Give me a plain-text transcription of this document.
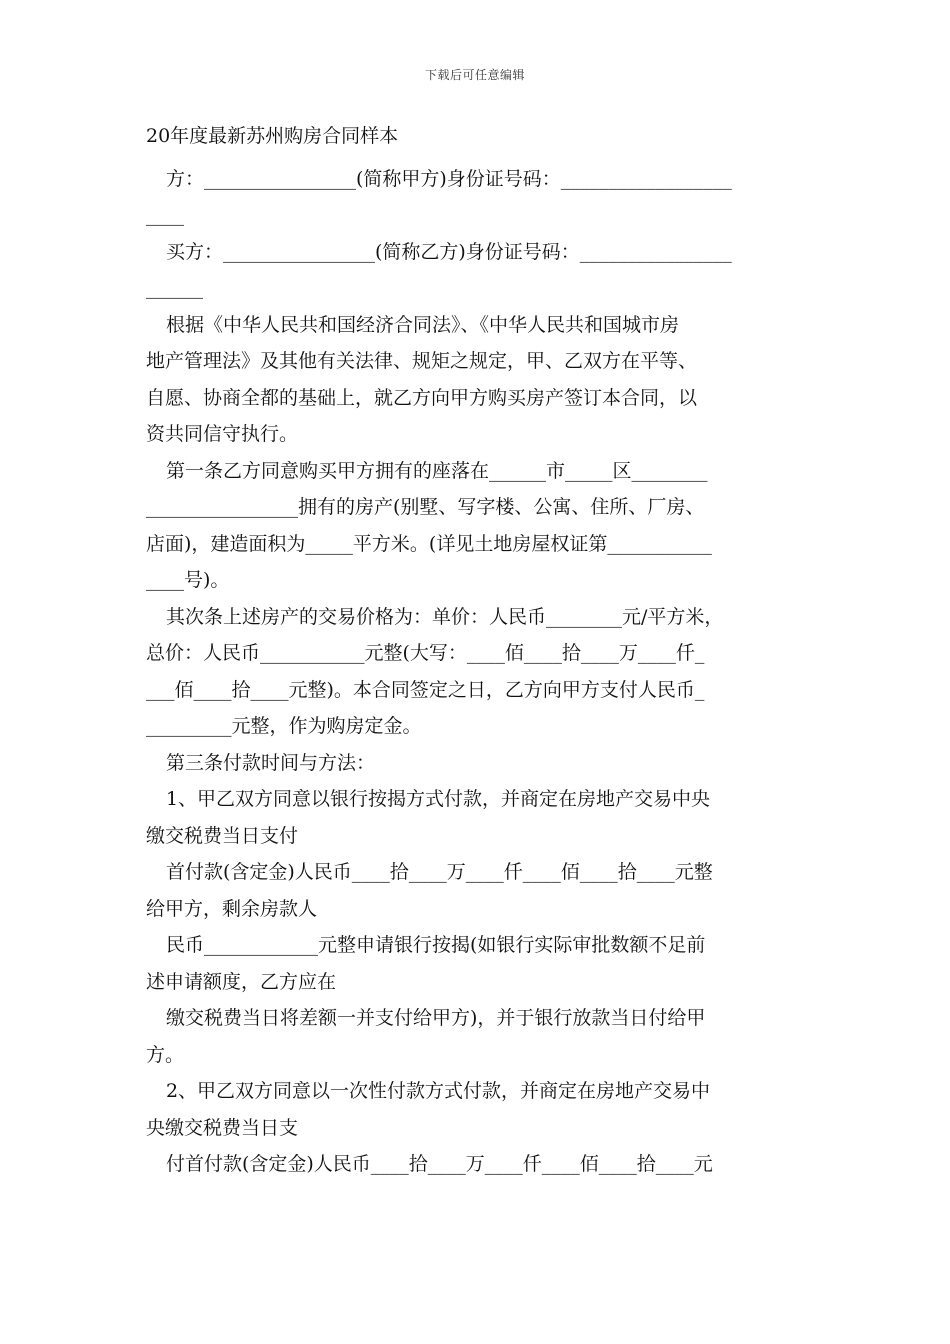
下载后可任意编辑

20年度最新苏州购房合同样本

方：________________(简称甲方)身份证号码：__________________
____
买方：________________(简称乙方)身份证号码：________________
______
根据《中华人民共和国经济合同法》、《中华人民共和国城市房
地产管理法》及其他有关法律、规矩之规定，甲、乙双方在平等、
自愿、协商全都的基础上，就乙方向甲方购买房产签订本合同，以
资共同信守执行。
第一条乙方同意购买甲方拥有的座落在______市_____区________
________________拥有的房产(别墅、写字楼、公寓、住所、厂房、
店面)，建造面积为_____平方米。(详见土地房屋权证第___________
____号)。
其次条上述房产的交易价格为：单价：人民币________元/平方米，
总价：人民币___________元整(大写：____佰____拾____万____仟_
___佰____拾____元整)。本合同签定之日，乙方向甲方支付人民币_
_________元整，作为购房定金。
第三条付款时间与方法：
1、甲乙双方同意以银行按揭方式付款，并商定在房地产交易中央
缴交税费当日支付
首付款(含定金)人民币____拾____万____仟____佰____拾____元整
给甲方，剩余房款人
民币____________元整申请银行按揭(如银行实际审批数额不足前
述申请额度，乙方应在
缴交税费当日将差额一并支付给甲方)，并于银行放款当日付给甲
方。
2、甲乙双方同意以一次性付款方式付款，并商定在房地产交易中
央缴交税费当日支
付首付款(含定金)人民币____拾____万____仟____佰____拾____元
